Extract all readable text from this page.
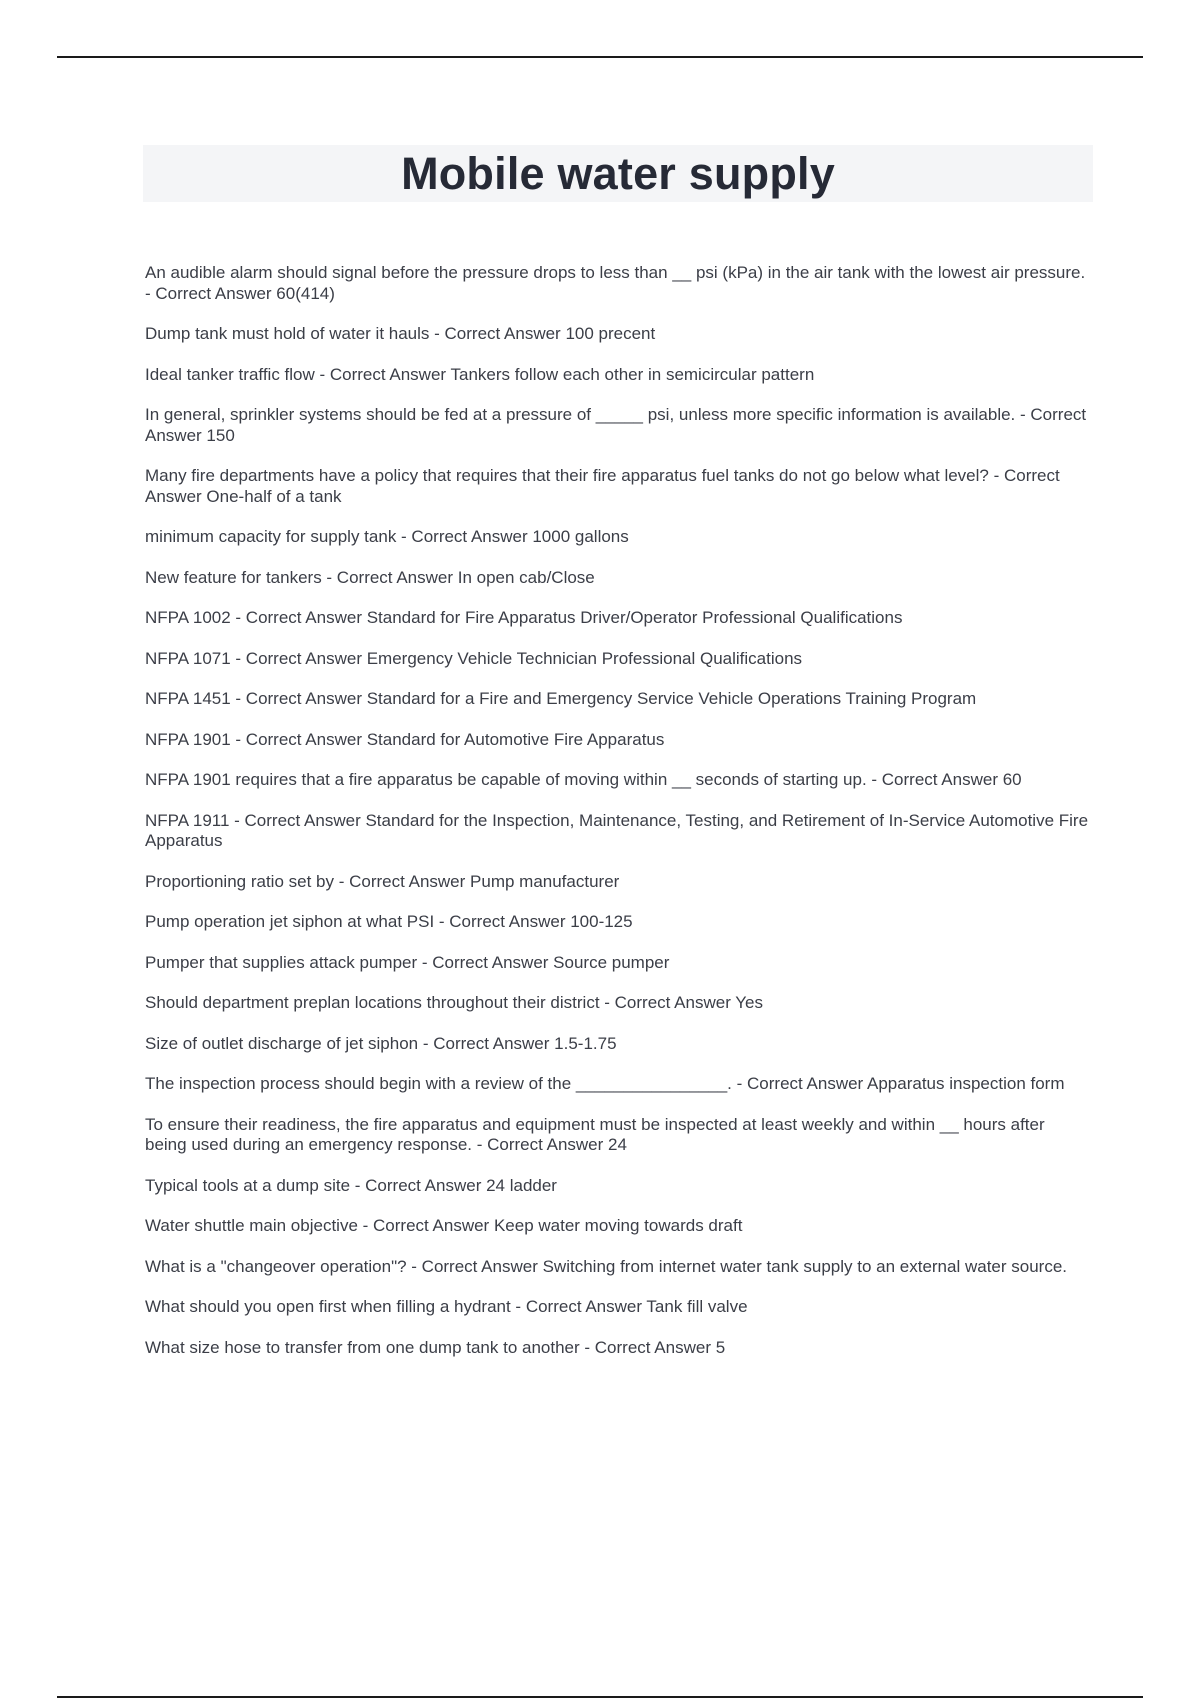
Mobile water supply
An audible alarm should signal before the pressure drops to less than __ psi (kPa) in the air tank with the lowest air pressure. - Correct Answer 60(414)
Dump tank must hold of water it hauls - Correct Answer 100 precent
Ideal tanker traffic flow - Correct Answer Tankers follow each other in semicircular pattern
In general, sprinkler systems should be fed at a pressure of _____ psi, unless more specific information is available. - Correct Answer 150
Many fire departments have a policy that requires that their fire apparatus fuel tanks do not go below what level? - Correct Answer One-half of a tank
minimum capacity for supply tank - Correct Answer 1000 gallons
New feature for tankers - Correct Answer In open cab/Close
NFPA 1002 - Correct Answer Standard for Fire Apparatus Driver/Operator Professional Qualifications
NFPA 1071 - Correct Answer Emergency Vehicle Technician Professional Qualifications
NFPA 1451 - Correct Answer Standard for a Fire and Emergency Service Vehicle Operations Training Program
NFPA 1901 - Correct Answer Standard for Automotive Fire Apparatus
NFPA 1901 requires that a fire apparatus be capable of moving within __ seconds of starting up. - Correct Answer 60
NFPA 1911 - Correct Answer Standard for the Inspection, Maintenance, Testing, and Retirement of In-Service Automotive Fire Apparatus
Proportioning ratio set by - Correct Answer Pump manufacturer
Pump operation jet siphon at what PSI - Correct Answer 100-125
Pumper that supplies attack pumper - Correct Answer Source pumper
Should department preplan locations throughout their district - Correct Answer Yes
Size of outlet discharge of jet siphon - Correct Answer 1.5-1.75
The inspection process should begin with a review of the ________________. - Correct Answer Apparatus inspection form
To ensure their readiness, the fire apparatus and equipment must be inspected at least weekly and within __ hours after being used during an emergency response. - Correct Answer 24
Typical tools at a dump site - Correct Answer 24 ladder
Water shuttle main objective - Correct Answer Keep water moving towards draft
What is a "changeover operation"? - Correct Answer Switching from internet water tank supply to an external water source.
What should you open first when filling a hydrant - Correct Answer Tank fill valve
What size hose to transfer from one dump tank to another - Correct Answer 5
